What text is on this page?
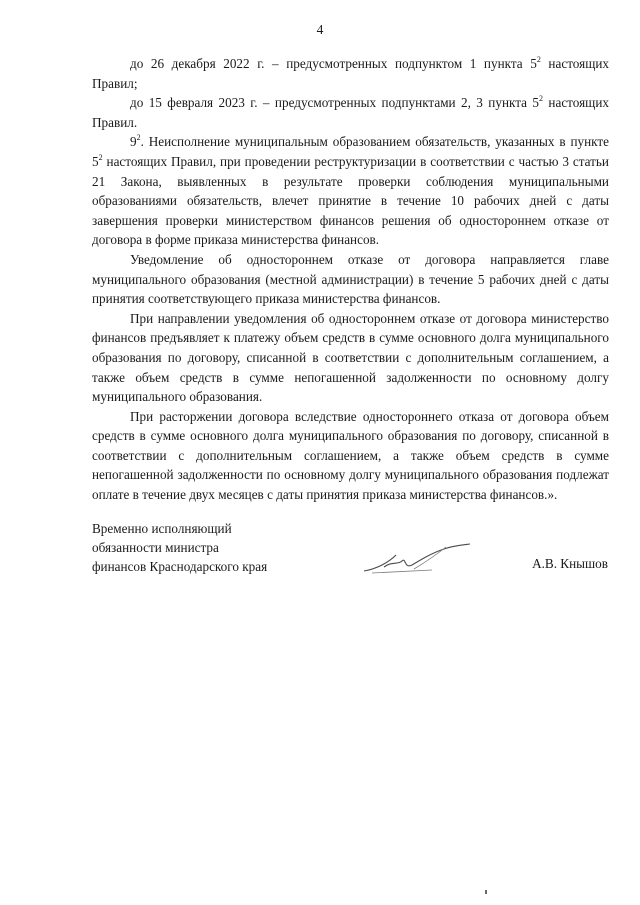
4

до 26 декабря 2022 г. – предусмотренных подпунктом 1 пункта $5^2$ настоящих Правил;

до 15 февраля 2023 г. – предусмотренных подпунктами 2, 3 пункта $5^2$ настоящих Правил.

$9^2$. Неисполнение муниципальным образованием обязательств, указанных в пункте $5^2$ настоящих Правил, при проведении реструктуризации в соответствии с частью 3 статьи 21 Закона, выявленных в результате проверки соблюдения муниципальными образованиями обязательств, влечет принятие в течение 10 рабочих дней с даты завершения проверки министерством финансов решения об одностороннем отказе от договора в форме приказа министерства финансов.

Уведомление об одностороннем отказе от договора направляется главе муниципального образования (местной администрации) в течение 5 рабочих дней с даты принятия соответствующего приказа министерства финансов.

При направлении уведомления об одностороннем отказе от договора министерство финансов предъявляет к платежу объем средств в сумме основного долга муниципального образования по договору, списанной в соответствии с дополнительным соглашением, а также объем средств в сумме непогашенной задолженности по основному долгу муниципального образования.

При расторжении договора вследствие одностороннего отказа от договора объем средств в сумме основного долга муниципального образования по договору, списанной в соответствии с дополнительным соглашением, а также объем средств в сумме непогашенной задолженности по основному долгу муниципального образования подлежат оплате в течение двух месяцев с даты принятия приказа министерства финансов.».

Временно исполняющий
обязанности министра
финансов Краснодарского края	А.В. Кнышов
